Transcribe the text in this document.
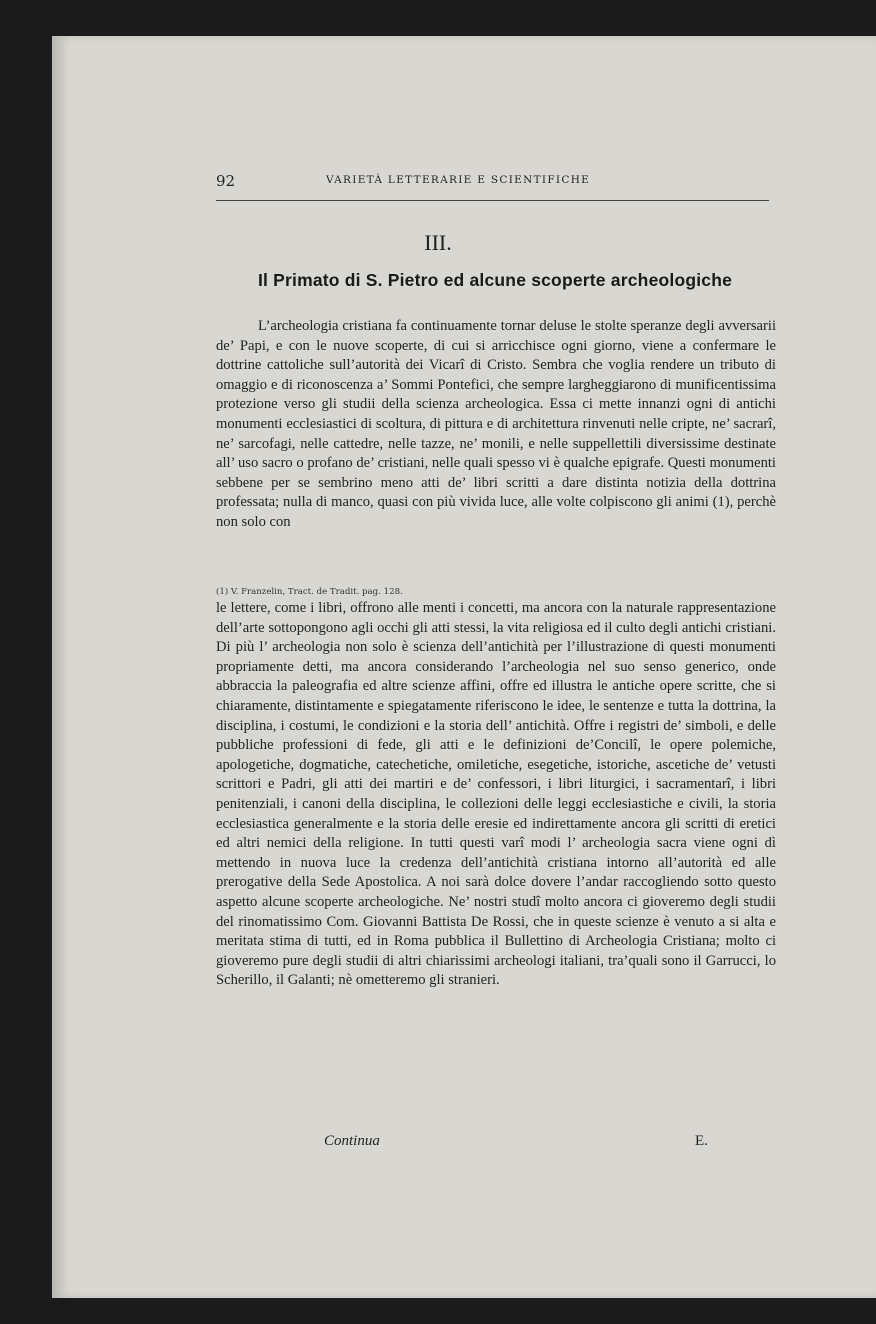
92	VARIETÀ LETTERARIE E SCIENTIFICHE
III.
Il Primato di S. Pietro ed alcune scoperte archeologiche

L’archeologia cristiana fa continuamente tornar deluse le stolte speranze degli avversarii de’ Papi, e con le nuove scoperte, di cui si arricchisce ogni giorno, viene a confermare le dottrine cattoliche sull’autorità dei Vicarî di Cristo. Sembra che voglia rendere un tributo di omaggio e di riconoscenza a’ Sommi Pontefici, che sempre largheggiarono di munificentissima protezione verso gli studii della scienza archeologica. Essa ci mette innanzi ogni di antichi monumenti ecclesiastici di scoltura, di pittura e di architettura rinvenuti nelle cripte, ne’ sacrarî, ne’ sarcofagi, nelle cattedre, nelle tazze, ne’ monili, e nelle suppellettili diversissime destinate all’ uso sacro o profano de’ cristiani, nelle quali spesso vi è qualche epigrafe. Questi monumenti sebbene per se sembrino meno atti de’ libri scritti a dare distinta notizia della dottrina professata; nulla di manco, quasi con più vivida luce, alle volte colpiscono gli animi (1), perchè non solo con

(1) V. Franzelin, Tract. de Tradit. pag. 128.

le lettere, come i libri, offrono alle menti i concetti, ma ancora con la naturale rappresentazione dell’arte sottopongono agli occhi gli atti stessi, la vita religiosa ed il culto degli antichi cristiani. Di più l’ archeologia non solo è scienza dell’antichità per l’illustrazione di questi monumenti propriamente detti, ma ancora considerando l’archeologia nel suo senso generico, onde abbraccia la paleografia ed altre scienze affini, offre ed illustra le antiche opere scritte, che si chiaramente, distintamente e spiegatamente riferiscono le idee, le sentenze e tutta la dottrina, la disciplina, i costumi, le condizioni e la storia dell’ antichità. Offre i registri de’ simboli, e delle pubbliche professioni di fede, gli atti e le definizioni de’Concilî, le opere polemiche, apologetiche, dogmatiche, catechetiche, omiletiche, esegetiche, istoriche, ascetiche de’ vetusti scrittori e Padri, gli atti dei martiri e de’ confessori, i libri liturgici, i sacramentarî, i libri penitenziali, i canoni della disciplina, le collezioni delle leggi ecclesiastiche e civili, la storia ecclesiastica generalmente e la storia delle eresie ed indirettamente ancora gli scritti di eretici ed altri nemici della religione. In tutti questi varî modi l’ archeologia sacra viene ogni dì mettendo in nuova luce la credenza dell’antichità cristiana intorno all’autorità ed alle prerogative della Sede Apostolica. A noi sarà dolce dovere l’andar raccogliendo sotto questo aspetto alcune scoperte archeologiche. Ne’ nostri studî molto ancora ci gioveremo degli studii del rinomatissimo Com. Giovanni Battista De Rossi, che in queste scienze è venuto a si alta e meritata stima di tutti, ed in Roma pubblica il Bullettino di Archeologia Cristiana; molto ci gioveremo pure degli studii di altri chiarissimi archeologi italiani, tra’quali sono il Garrucci, lo Scherillo, il Galanti; nè ometteremo gli stranieri.

Continua	E.
